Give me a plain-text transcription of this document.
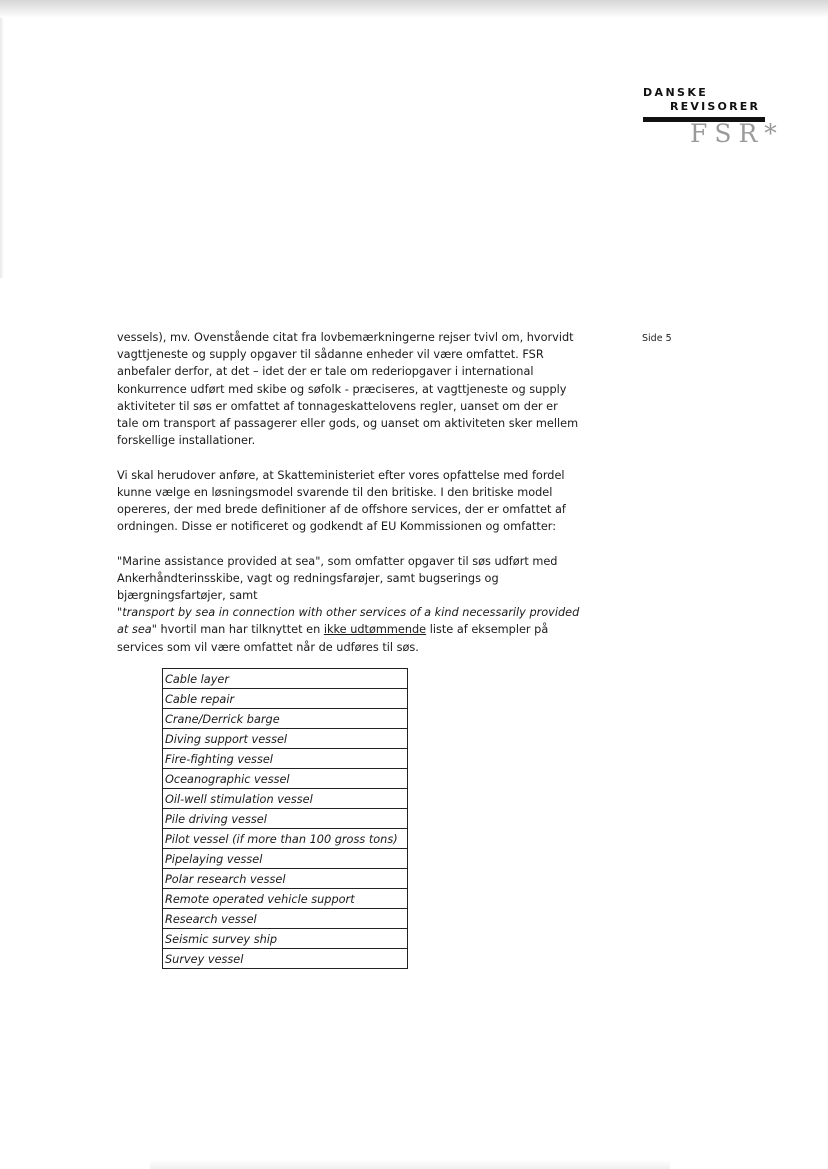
DANSKE
REVISORER
FSR*
Side 5

vessels), mv. Ovenstående citat fra lovbemærkningerne rejser tvivl om, hvorvidt
vagttjeneste og supply opgaver til sådanne enheder vil være omfattet. FSR
anbefaler derfor, at det – idet der er tale om rederiopgaver i international
konkurrence udført med skibe og søfolk - præciseres, at vagttjeneste og supply
aktiviteter til søs er omfattet af tonnageskattelovens regler, uanset om der er
tale om transport af passagerer eller gods, og uanset om aktiviteten sker mellem
forskellige installationer.

Vi skal herudover anføre, at Skatteministeriet efter vores opfattelse med fordel
kunne vælge en løsningsmodel svarende til den britiske. I den britiske model
opereres, der med brede definitioner af de offshore services, der er omfattet af
ordningen. Disse er notificeret og godkendt af EU Kommissionen og omfatter:

"Marine assistance provided at sea", som omfatter opgaver til søs udført med
Ankerhåndterinsskibe, vagt og redningsfarøjer, samt bugserings og
bjærgningsfartøjer, samt
"transport by sea in connection with other services of a kind necessarily provided
at sea" hvortil man har tilknyttet en ikke udtømmende liste af eksempler på
services som vil være omfattet når de udføres til søs.

Cable layer
Cable repair
Crane/Derrick barge
Diving support vessel
Fire-fighting vessel
Oceanographic vessel
Oil-well stimulation vessel
Pile driving vessel
Pilot vessel (if more than 100 gross tons)
Pipelaying vessel
Polar research vessel
Remote operated vehicle support
Research vessel
Seismic survey ship
Survey vessel
